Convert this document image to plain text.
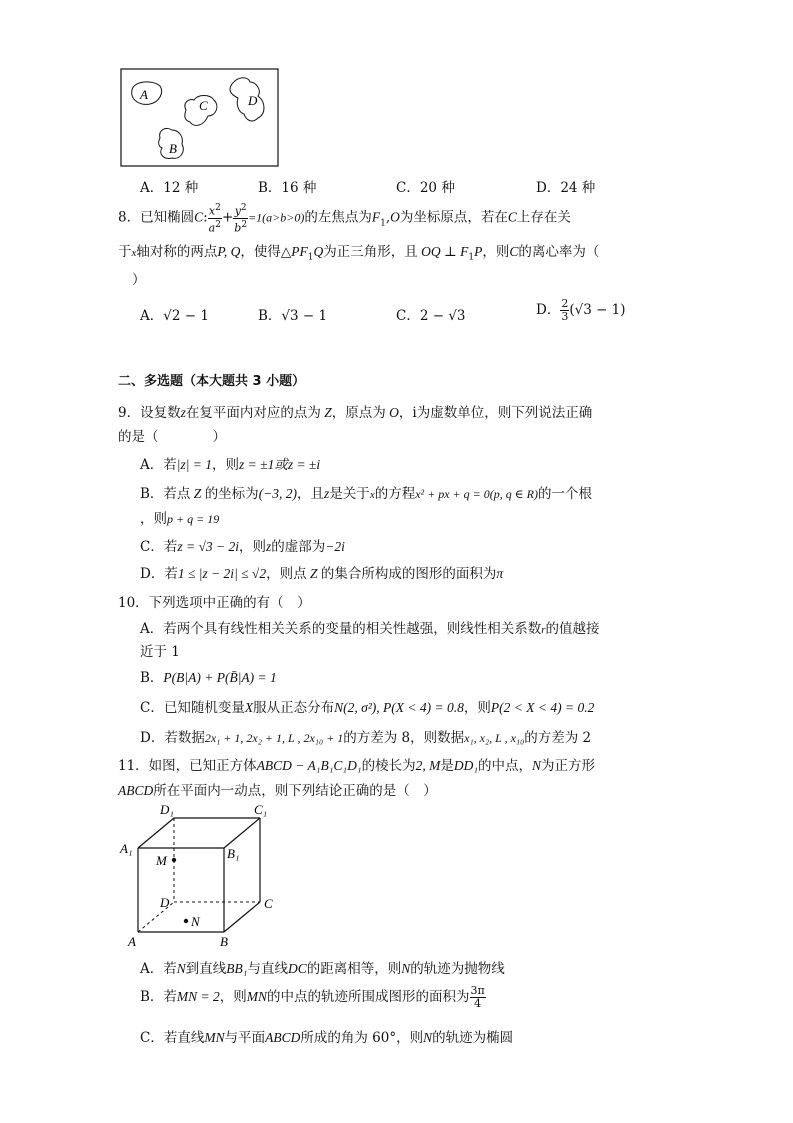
A
C	D
B
A．12 种	B．16 种	C．20 种	D．24 种
8．已知椭圆C: $\frac{x^2}{a^2} + \frac{y^2}{b^2} =1(a>b>0)$的左焦点为$F_1,O$为坐标原点，若在C上存在关
于x轴对称的两点P, Q，使得$\triangle PF_1Q$为正三角形，且 OQ ⊥ $F_1P$，则C的离心率为（
）
A．√2 − 1	B．√3 − 1	C．2 − √3	D． $\frac{2}{3} (√3 - 1)$
二、多选题（本大题共 3 小题）
9．设复数z在复平面内对应的点为 Z，原点为 O，i为虚数单位，则下列说法正确
的是（　　　　）
A．若|z| = 1，则z = ±1或z = ±i
B．若点 Z 的坐标为(−3, 2)，且z是关于x的方程x² + px + q = 0(p, q ∈ R)的一个根
，则p + q = 19
C．若z = √3 − 2i，则z的虚部为−2i
D．若1 ≤ |z − 2i| ≤ √2，则点 Z 的集合所构成的图形的面积为π
10．下列选项中正确的有（　）
A．若两个具有线性相关关系的变量的相关性越强，则线性相关系数r的值越接
近于 1
B．P(B|A) + P(B̄|A) = 1
C．已知随机变量X服从正态分布N(2, σ²), P(X < 4) = 0.8，则P(2 < X < 4) = 0.2
D．若数据2x₁ + 1, 2x₂ + 1, L , 2x₁₀ + 1的方差为 8，则数据x₁, x₂, L , x₁₀的方差为 2
11．如图，已知正方体ABCD − A₁B₁C₁D₁的棱长为2, M是DD₁的中点，N为正方形
ABCD所在平面内一动点，则下列结论正确的是（　）
D₁	C₁
A₁	B₁
M
D	C
N
A	B
A．若N到直线BB₁与直线DC的距离相等，则N的轨迹为抛物线
B．若MN = 2，则MN的中点的轨迹所围成图形的面积为 $\frac{3\pi}{4}$
C．若直线MN与平面ABCD所成的角为 60°，则N的轨迹为椭圆
